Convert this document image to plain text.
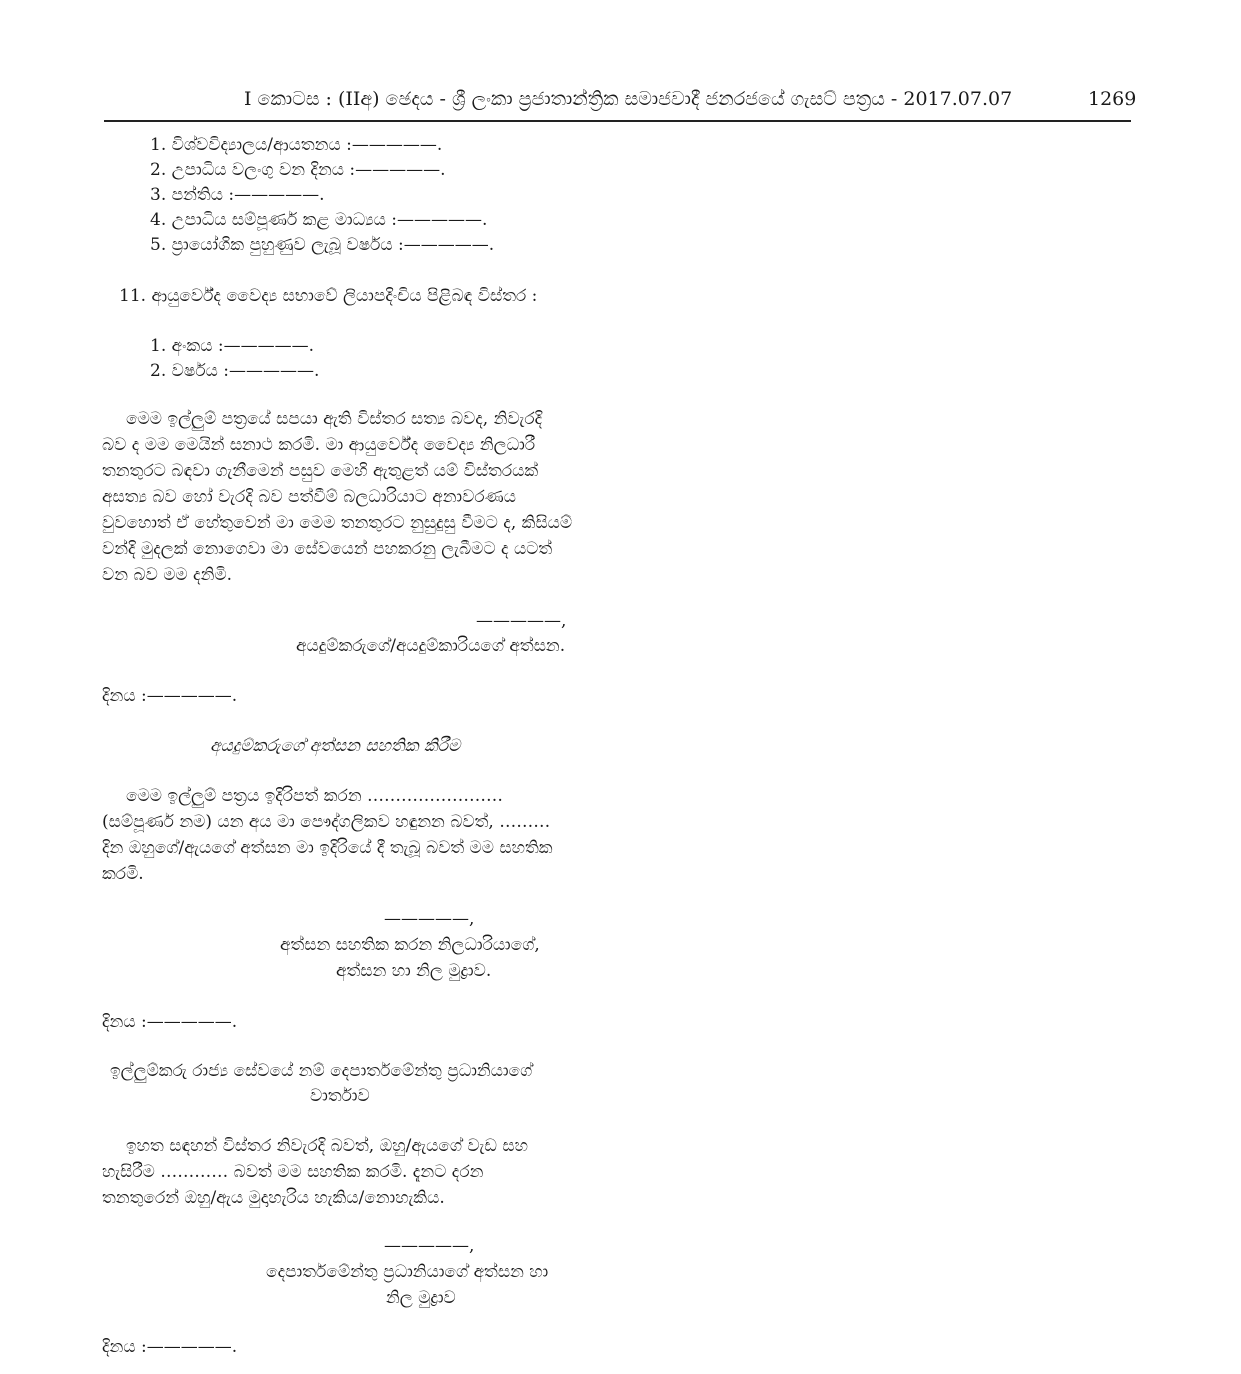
I කොටස : (IIඅ) ඡෙදය - ශ්‍රී ලංකා ප්‍රජාතාන්ත්‍රික සමාජවාදී ජනරජයේ ගැසට් පත්‍රය - 2017.07.07	1269
1. විශ්වවිද්‍යාලය/ආයතනය :—————.
2. උපාධිය වලංගු වන දිනය :—————.
3. පන්තිය :—————.
4. උපාධිය සම්පූර්ණ කළ මාධ්‍යය :—————.
5. ප්‍රායෝගික පුහුණුව ලැබූ වර්ෂය :—————.
11. ආයුර්වේද වෛද්‍ය සභාවේ ලියාපදිංචිය පිළිබඳ විස්තර :
1. අංකය :—————.
2. වර්ෂය :—————.
මෙම ඉල්ලුම් පත්‍රයේ සපයා ඇති විස්තර සත්‍ය බවද, නිවැරදි
බව ද මම මෙයින් සනාථ කරමි. මා ආයුර්වේද වෛද්‍ය නිලධාරී
තනතුරට බඳවා ගැනීමෙන් පසුව මෙහි ඇතුළත් යම් විස්තරයක්
අසත්‍ය බව හෝ වැරදි බව පත්වීම් බලධාරියාට අනාවරණය
වුවහොත් ඒ හේතුවෙන් මා මෙම තනතුරට නුසුදුසු වීමට ද, කිසියම්
වන්දි මුදලක් නොගෙවා මා සේවයෙන් පහකරනු ලැබීමට ද යටත්
වන බව මම දනිමි.
—————,
අයදුම්කරුගේ/අයදුම්කාරියගේ අත්සන.
දිනය :—————.
අයදුම්කරුගේ අත්සන සහතික කිරීම
මෙම ඉල්ලුම් පත්‍රය ඉදිරිපත් කරන ……………………
(සම්පූර්ණ නම) යන අය මා පෞද්ගලිකව හඳුනන බවත්, ………
දින ඔහුගේ/ඇයගේ අත්සන මා ඉදිරියේ දී තැබූ බවත් මම සහතික
කරමි.
—————,
අත්සන සහතික කරන නිලධාරියාගේ,
අත්සන හා නිල මුද්‍රාව.
දිනය :—————.
ඉල්ලුම්කරු රාජ්‍ය සේවයේ නම් දෙපාර්තමේන්තු ප්‍රධානියාගේ
වාර්තාව
ඉහත සඳහන් විස්තර නිවැරදි බවත්, ඔහු/ඇයගේ වැඩ සහ
හැසිරීම ………… බවත් මම සහතික කරමි. දැනට දරන
තනතුරෙන් ඔහු/ඇය මුදාහැරිය හැකිය/නොහැකිය.
—————,
දෙපාර්තමේන්තු ප්‍රධානියාගේ අත්සන හා
නිල මුද්‍රාව
දිනය :—————.
